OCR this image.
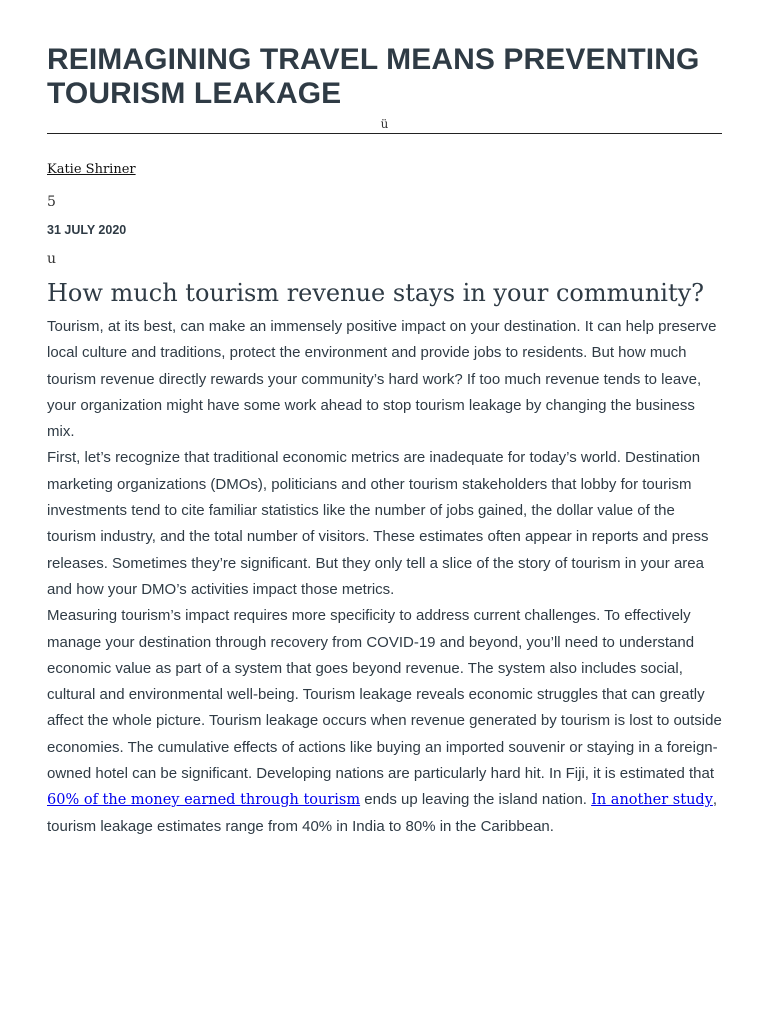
REIMAGINING TRAVEL MEANS PREVENTING TOURISM LEAKAGE
ü
Katie Shriner
5
31 JULY 2020
u
How much tourism revenue stays in your community?

Tourism, at its best, can make an immensely positive impact on your destination. It can help preserve local culture and traditions, protect the environment and provide jobs to residents. But how much tourism revenue directly rewards your community’s hard work? If too much revenue tends to leave, your organization might have some work ahead to stop tourism leakage by changing the business mix.

First, let’s recognize that traditional economic metrics are inadequate for today’s world. Destination marketing organizations (DMOs), politicians and other tourism stakeholders that lobby for tourism investments tend to cite familiar statistics like the number of jobs gained, the dollar value of the tourism industry, and the total number of visitors. These estimates often appear in reports and press releases. Sometimes they’re significant. But they only tell a slice of the story of tourism in your area and how your DMO’s activities impact those metrics.

Measuring tourism’s impact requires more specificity to address current challenges. To effectively manage your destination through recovery from COVID-19 and beyond, you’ll need to understand economic value as part of a system that goes beyond revenue. The system also includes social, cultural and environmental well-being. Tourism leakage reveals economic struggles that can greatly affect the whole picture. Tourism leakage occurs when revenue generated by tourism is lost to outside economies. The cumulative effects of actions like buying an imported souvenir or staying in a foreign-owned hotel can be significant. Developing nations are particularly hard hit. In Fiji, it is estimated that 60% of the money earned through tourism ends up leaving the island nation. In another study, tourism leakage estimates range from 40% in India to 80% in the Caribbean.
